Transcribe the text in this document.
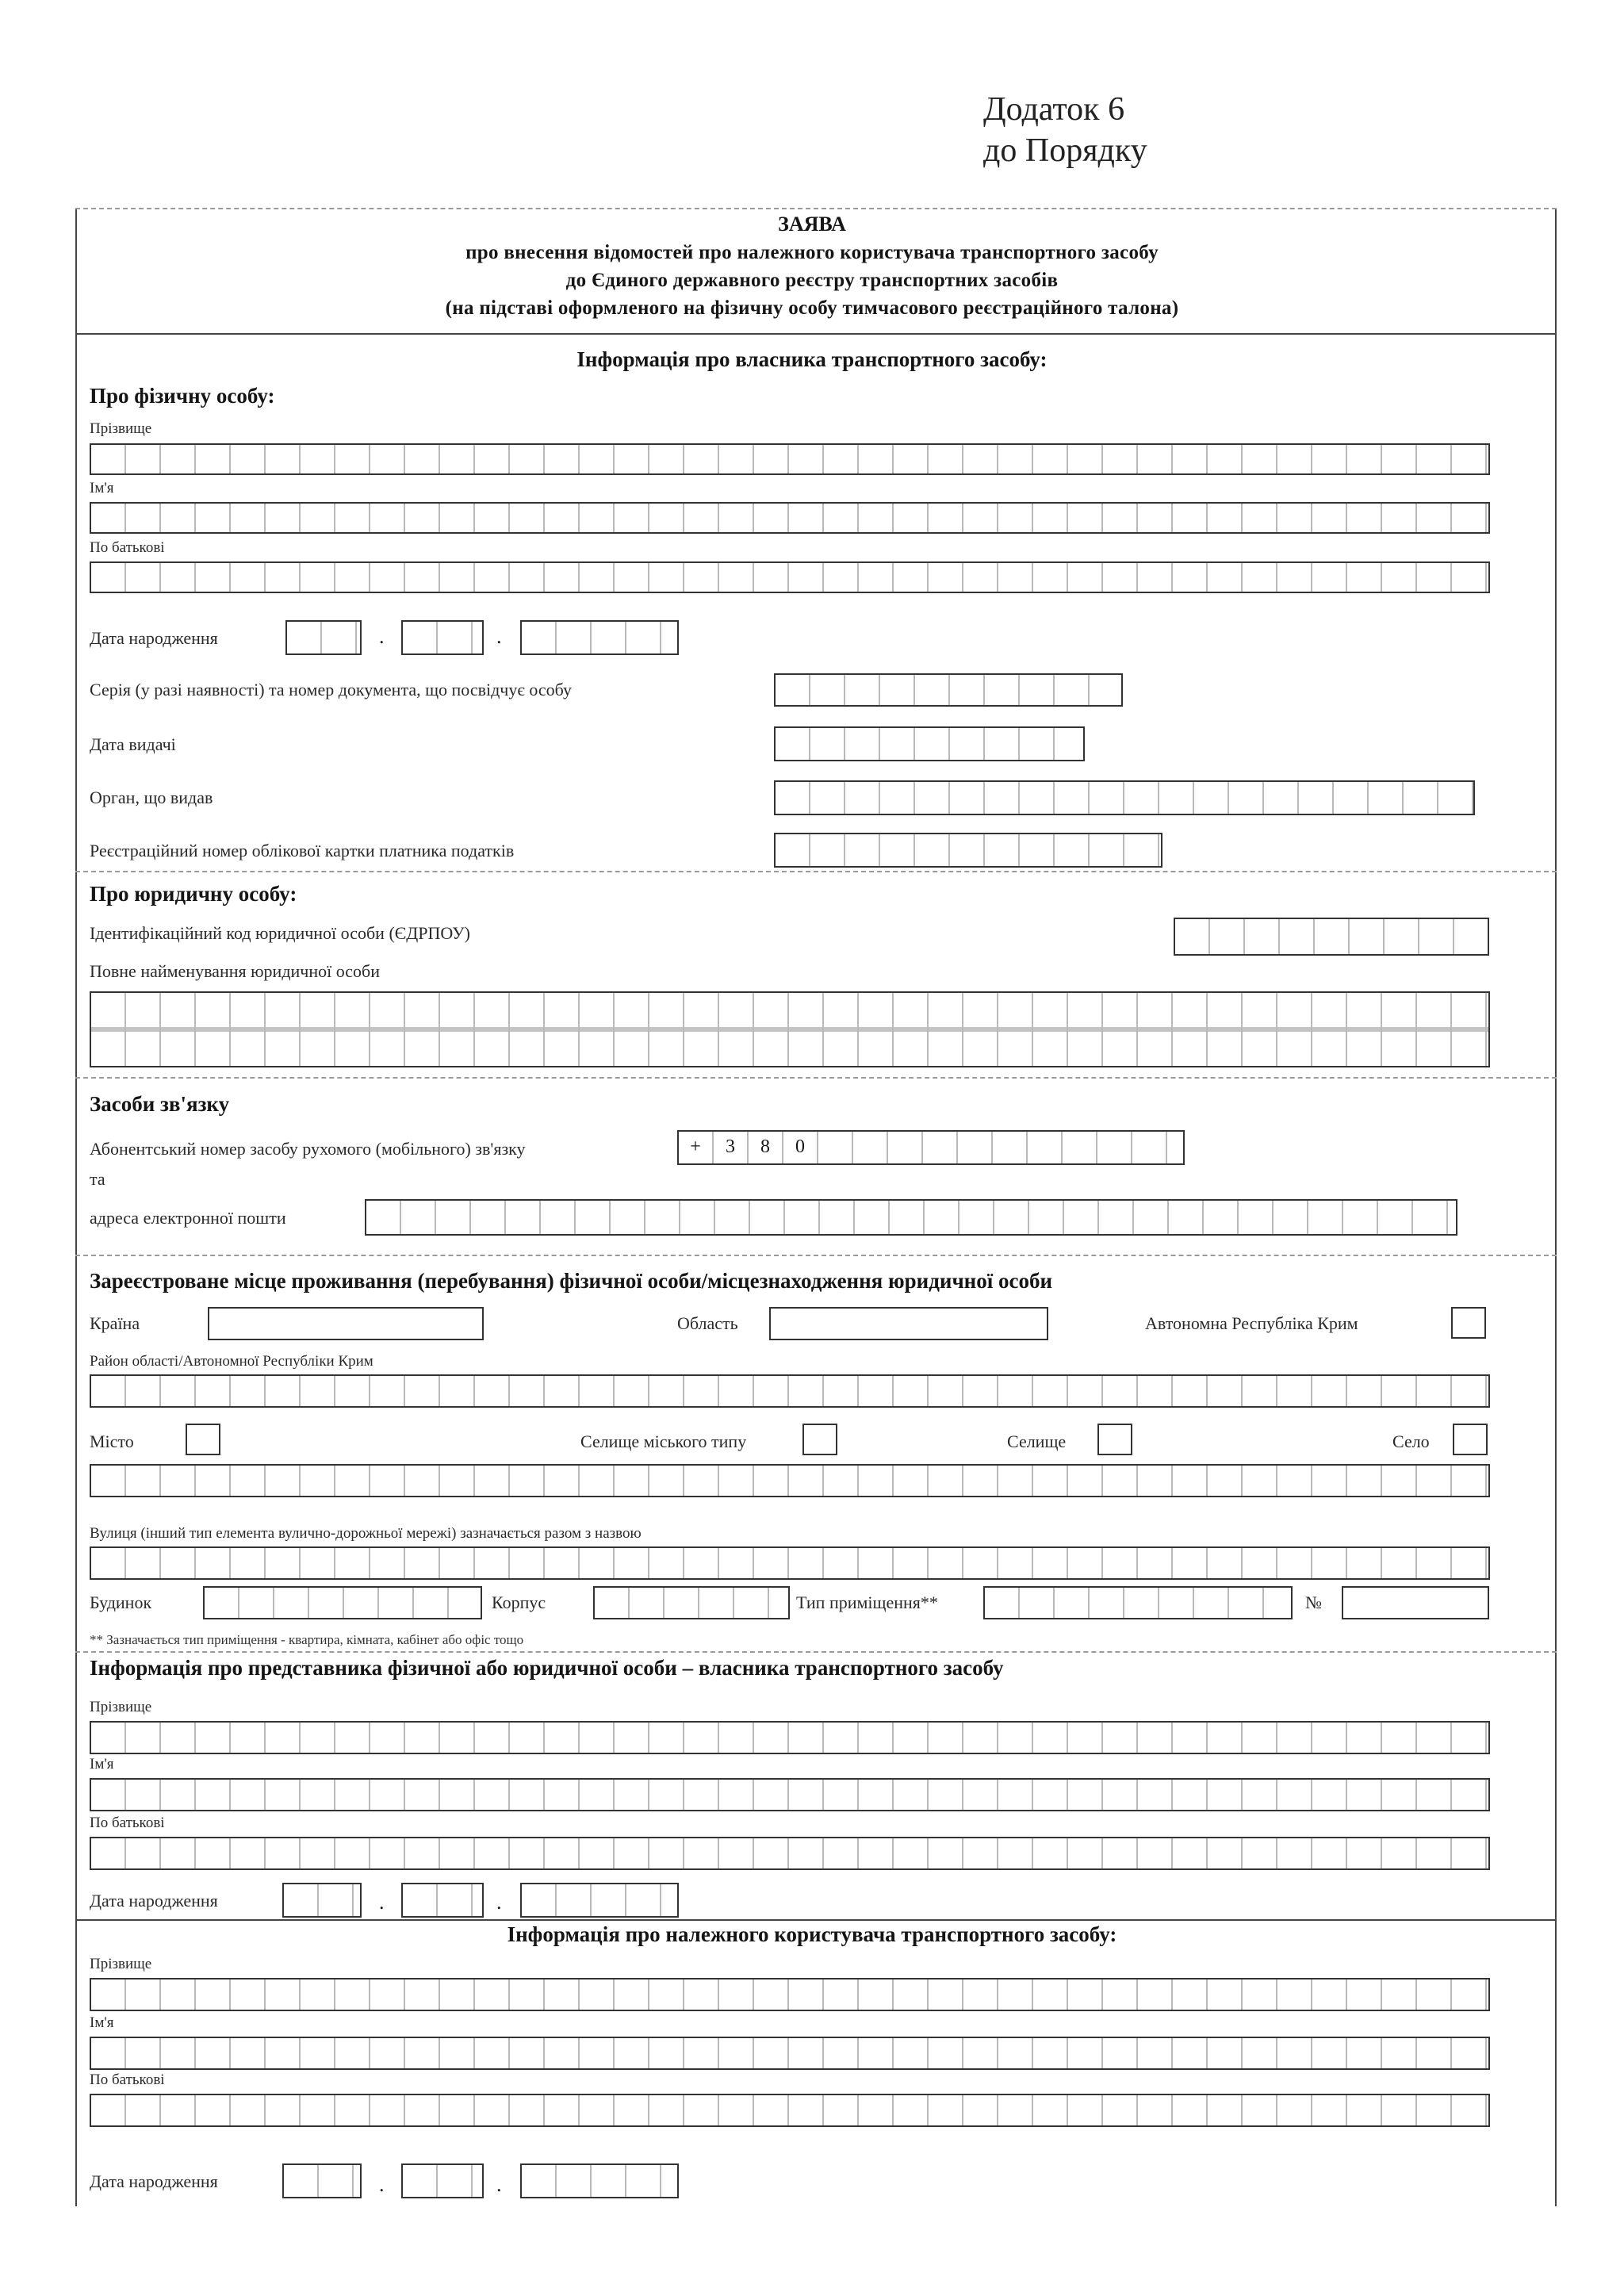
Додаток 6
до Порядку
ЗАЯВА
про внесення відомостей про належного користувача транспортного засобу
до Єдиного державного реєстру транспортних засобів
(на підставі оформленого на фізичну особу тимчасового реєстраційного талона)
Інформація про власника транспортного засобу:
Про фізичну особу:
Прізвище
Ім'я
По батькові
Дата народження	.	.
Серія (у разі наявності) та номер документа, що посвідчує особу
Дата видачі
Орган, що видав
Реєстраційний номер облікової картки платника податків
Про юридичну особу:
Ідентифікаційний код юридичної особи (ЄДРПОУ)
Повне найменування юридичної особи
Засоби зв'язку
Абонентський номер засобу рухомого (мобільного) зв'язку	+	3	8	0
та
адреса електронної пошти
Зареєстроване місце проживання (перебування) фізичної особи/місцезнаходження юридичної особи
Країна	Область	Автономна Республіка Крим
Район області/Автономної Республіки Крим
Місто	Селище міського типу	Селище	Село
Вулиця (інший тип елемента вулично-дорожньої мережі) зазначається разом з назвою
Будинок	Корпус	Тип приміщення**	№
** Зазначається тип приміщення - квартира, кімната, кабінет або офіс тощо
Інформація про представника фізичної або юридичної особи – власника транспортного засобу
Прізвище
Ім'я
По батькові
Дата народження	.	.
Інформація про належного користувача транспортного засобу:
Прізвище
Ім'я
По батькові
Дата народження	.	.
